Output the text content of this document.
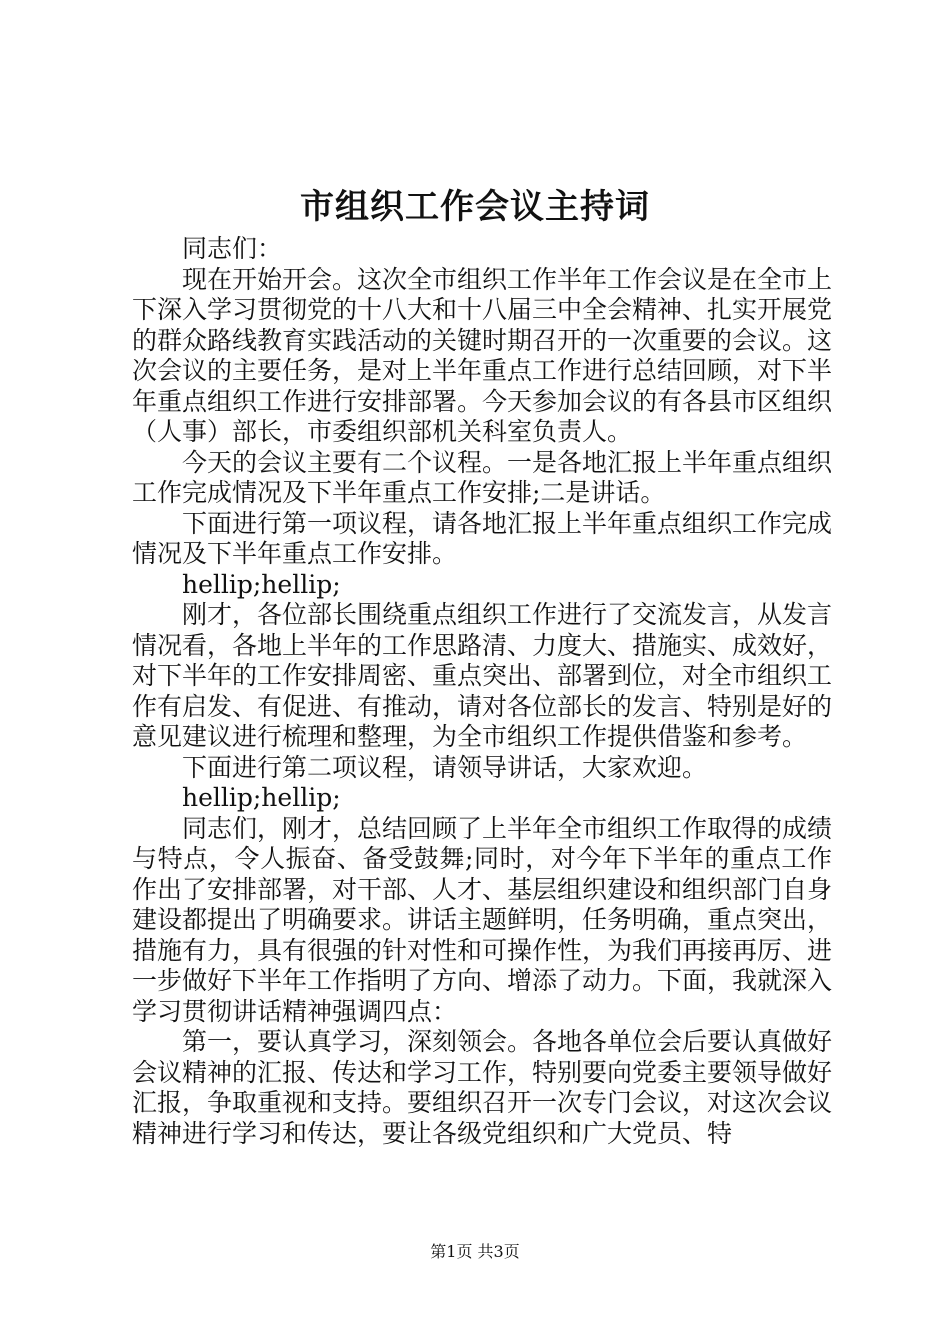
市组织工作会议主持词

同志们：

现在开始开会。这次全市组织工作半年工作会议是在全市上下深入学习贯彻党的十八大和十八届三中全会精神、扎实开展党的群众路线教育实践活动的关键时期召开的一次重要的会议。这次会议的主要任务，是对上半年重点工作进行总结回顾，对下半年重点组织工作进行安排部署。今天参加会议的有各县市区组织（人事）部长，市委组织部机关科室负责人。

今天的会议主要有二个议程。一是各地汇报上半年重点组织工作完成情况及下半年重点工作安排;二是讲话。

下面进行第一项议程，请各地汇报上半年重点组织工作完成情况及下半年重点工作安排。

hellip;hellip;

刚才，各位部长围绕重点组织工作进行了交流发言，从发言情况看，各地上半年的工作思路清、力度大、措施实、成效好，对下半年的工作安排周密、重点突出、部署到位，对全市组织工作有启发、有促进、有推动，请对各位部长的发言、特别是好的意见建议进行梳理和整理，为全市组织工作提供借鉴和参考。

下面进行第二项议程，请领导讲话，大家欢迎。

hellip;hellip;

同志们，刚才，总结回顾了上半年全市组织工作取得的成绩与特点，令人振奋、备受鼓舞;同时，对今年下半年的重点工作作出了安排部署，对干部、人才、基层组织建设和组织部门自身建设都提出了明确要求。讲话主题鲜明，任务明确，重点突出，措施有力，具有很强的针对性和可操作性，为我们再接再厉、进一步做好下半年工作指明了方向、增添了动力。下面，我就深入学习贯彻讲话精神强调四点：

第一，要认真学习，深刻领会。各地各单位会后要认真做好会议精神的汇报、传达和学习工作，特别要向党委主要领导做好汇报，争取重视和支持。要组织召开一次专门会议，对这次会议精神进行学习和传达，要让各级党组织和广大党员、特

第1页 共3页
